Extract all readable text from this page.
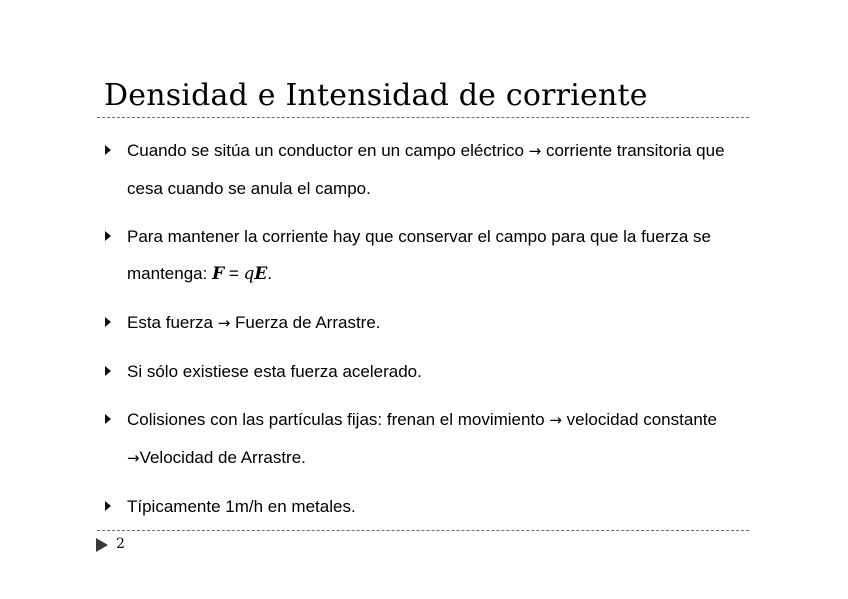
Densidad e Intensidad de corriente
Cuando se sitúa un conductor en un campo eléctrico → corriente transitoria que cesa cuando se anula el campo.
Para mantener la corriente hay que conservar el campo para que la fuerza se mantenga: F = qE.
Esta fuerza → Fuerza de Arrastre.
Si sólo existiese esta fuerza acelerado.
Colisiones con las partículas fijas: frenan el movimiento → velocidad constante →Velocidad de Arrastre.
Típicamente 1m/h en metales.
2
